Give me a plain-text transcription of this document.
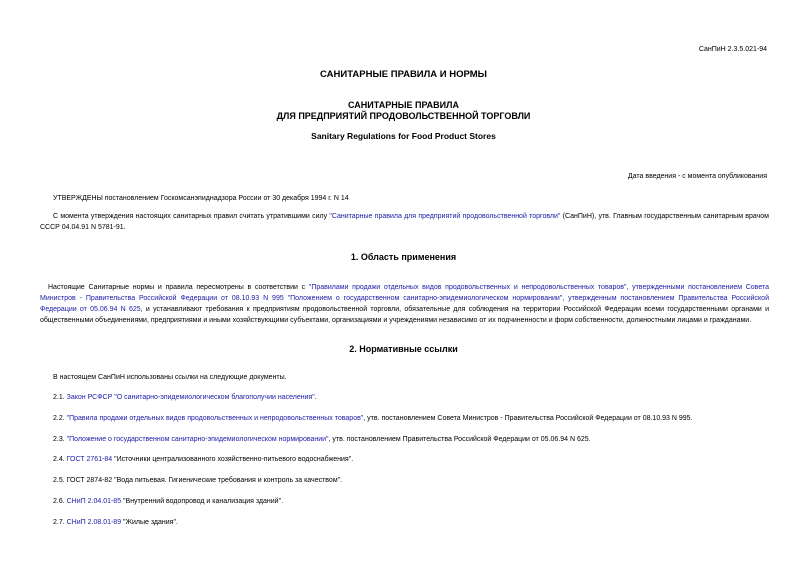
СанПиН 2.3.5.021-94
САНИТАРНЫЕ ПРАВИЛА И НОРМЫ
САНИТАРНЫЕ ПРАВИЛА
ДЛЯ ПРЕДПРИЯТИЙ ПРОДОВОЛЬСТВЕННОЙ ТОРГОВЛИ
Sanitary Regulations for Food Product Stores
Дата введения - с момента опубликования
УТВЕРЖДЕНЫ постановлением Госкомсанэпиднадзора России от 30 декабря 1994 г. N 14
С момента утверждения настоящих санитарных правил считать утратившими силу "Санитарные правила для предприятий продовольственной торговли" (СанПиН), утв. Главным государственным санитарным врачом СССР 04.04.91 N 5781-91.
1. Область применения
Настоящие Санитарные нормы и правила пересмотрены в соответствии с "Правилами продажи отдельных видов продовольственных и непродовольственных товаров", утвержденными постановлением Совета Министров - Правительства Российской Федерации от 08.10.93 N 995 "Положением о государственном санитарно-эпидемиологическом нормировании", утвержденным постановлением Правительства Российской Федерации от 05.06.94 N 625, и устанавливают требования к предприятиям продовольственной торговли, обязательные для соблюдения на территории Российской Федерации всеми государственными органами и общественными объединениями, предприятиями и иными хозяйствующими субъектами, организациями и учреждениями независимо от их подчиненности и форм собственности, должностными лицами и гражданами.
2. Нормативные ссылки
В настоящем СанПиН использованы ссылки на следующие документы.
2.1. Закон РСФСР "О санитарно-эпидемиологическом благополучии населения".
2.2. "Правила продажи отдельных видов продовольственных и непродовольственных товаров", утв. постановлением Совета Министров - Правительства Российской Федерации от 08.10.93 N 995.
2.3. "Положение о государственном санитарно-эпидемиологическом нормировании", утв. постановлением Правительства Российской Федерации от 05.06.94 N 625.
2.4. ГОСТ 2761-84 "Источники централизованного хозяйственно-питьевого водоснабжения".
2.5. ГОСТ 2874-82 "Вода питьевая. Гигиенические требования и контроль за качеством".
2.6. СНиП 2.04.01-85 "Внутренний водопровод и канализация зданий".
2.7. СНиП 2.08.01-89 "Жилые здания".
